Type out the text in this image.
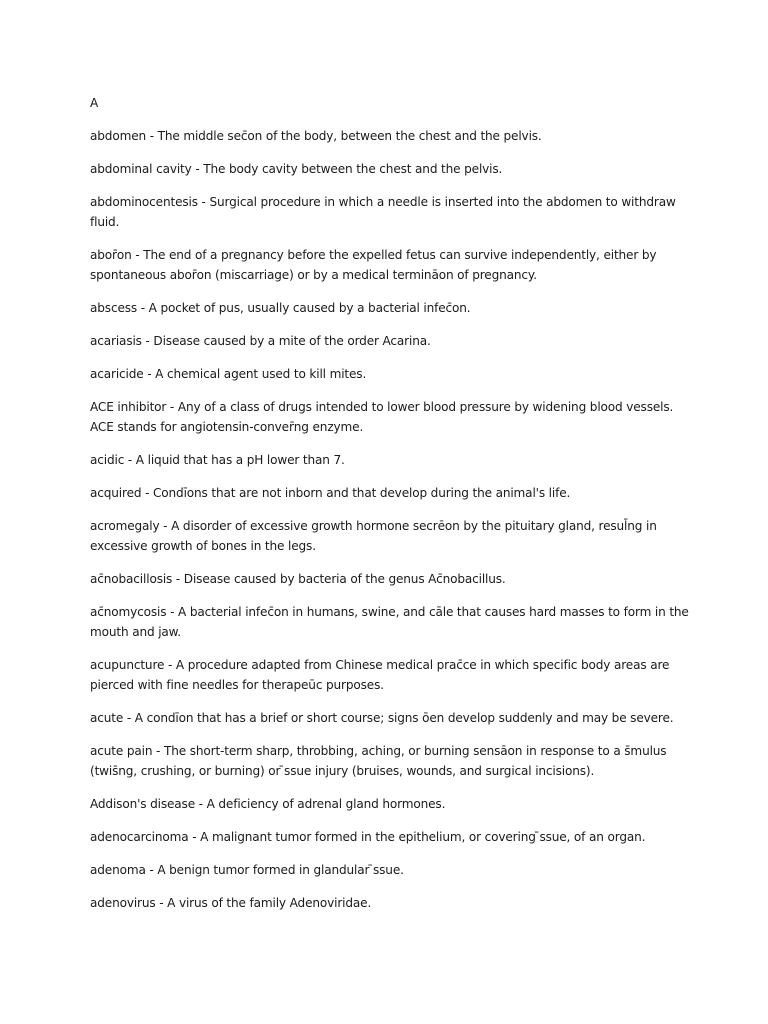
A
abdomen - The middle sec̄on of the body, between the chest and the pelvis.
abdominal cavity - The body cavity between the chest and the pelvis.
abdominocentesis - Surgical procedure in which a needle is inserted into the abdomen to withdraw fluid.
abor̄on - The end of a pregnancy before the expelled fetus can survive independently, either by spontaneous abor̄on (miscarriage) or by a medical termināon of pregnancy.
abscess - A pocket of pus, usually caused by a bacterial infec̄on.
acariasis - Disease caused by a mite of the order Acarina.
acaricide - A chemical agent used to kill mites.
ACE inhibitor - Any of a class of drugs intended to lower blood pressure by widening blood vessels. ACE stands for angiotensin-conver̄ng enzyme.
acidic - A liquid that has a pH lower than 7.
acquired - Condīons that are not inborn and that develop during the animal's life.
acromegaly - A disorder of excessive growth hormone secrēon by the pituitary gland, resul̄ng in excessive growth of bones in the legs.
ac̄nobacillosis - Disease caused by bacteria of the genus Ac̄nobacillus.
ac̄nomycosis - A bacterial infec̄on in humans, swine, and cāle that causes hard masses to form in the mouth and jaw.
acupuncture - A procedure adapted from Chinese medical prac̄ce in which specific body areas are pierced with fine needles for therapeūc purposes.
acute - A condīon that has a brief or short course; signs ōen develop suddenly and may be severe.
acute pain - The short-term sharp, throbbing, aching, or burning sensāon in response to a s̄mulus (twis̄ng, crushing, or burning) or ̄ssue injury (bruises, wounds, and surgical incisions).
Addison's disease - A deficiency of adrenal gland hormones.
adenocarcinoma - A malignant tumor formed in the epithelium, or covering ̄ssue, of an organ.
adenoma - A benign tumor formed in glandular ̄ssue.
adenovirus - A virus of the family Adenoviridae.
